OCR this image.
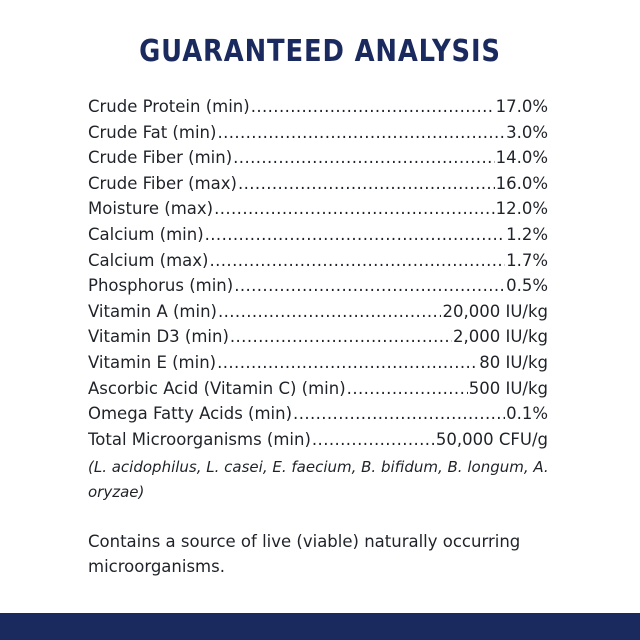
GUARANTEED ANALYSIS
Crude Protein (min) .....	17.0%
Crude Fat (min) .....	3.0%
Crude Fiber (min) .....	14.0%
Crude Fiber (max) .....	16.0%
Moisture (max) .....	12.0%
Calcium (min) .....	1.2%
Calcium (max) .....	1.7%
Phosphorus (min) .....	0.5%
Vitamin A (min) .....	20,000 IU/kg
Vitamin D3 (min) .....	2,000 IU/kg
Vitamin E (min) .....	80 IU/kg
Ascorbic Acid (Vitamin C) (min) .....	500 IU/kg
Omega Fatty Acids (min) .....	0.1%
Total Microorganisms (min) .....	50,000 CFU/g
(L. acidophilus, L. casei, E. faecium, B. bifidum, B. longum, A. oryzae)
Contains a source of live (viable) naturally occurring microorganisms.
